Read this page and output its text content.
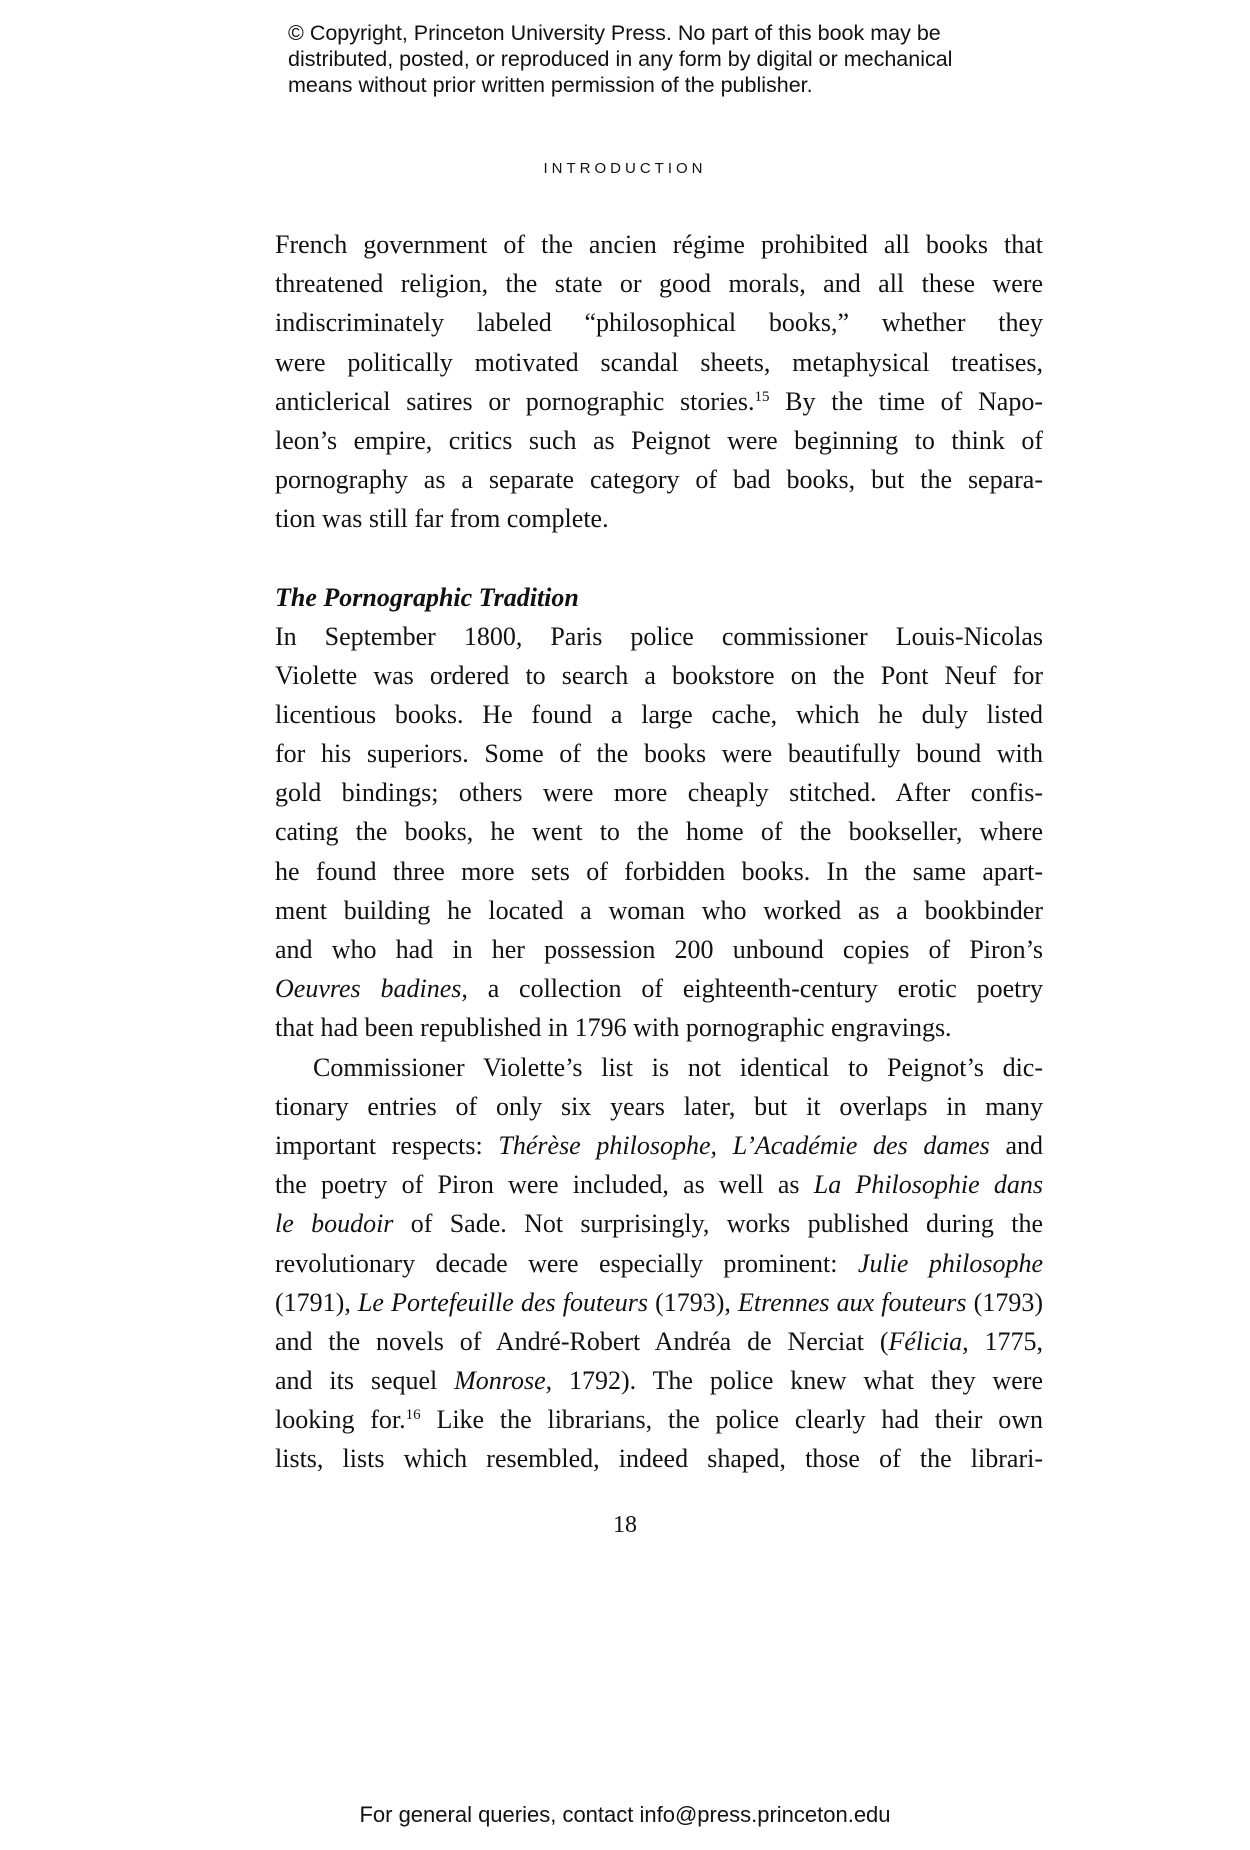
© Copyright, Princeton University Press. No part of this book may be
distributed, posted, or reproduced in any form by digital or mechanical
means without prior written permission of the publisher.
INTRODUCTION
French government of the ancien régime prohibited all books that
threatened religion, the state or good morals, and all these were
indiscriminately labeled “philosophical books,” whether they
were politically motivated scandal sheets, metaphysical treatises,
anticlerical satires or pornographic stories.$^{15}$ By the time of Napo-
leon’s empire, critics such as Peignot were beginning to think of
pornography as a separate category of bad books, but the separa-
tion was still far from complete.
The Pornographic Tradition
In September 1800, Paris police commissioner Louis-Nicolas
Violette was ordered to search a bookstore on the Pont Neuf for
licentious books. He found a large cache, which he duly listed
for his superiors. Some of the books were beautifully bound with
gold bindings; others were more cheaply stitched. After confis-
cating the books, he went to the home of the bookseller, where
he found three more sets of forbidden books. In the same apart-
ment building he located a woman who worked as a bookbinder
and who had in her possession 200 unbound copies of Piron’s
Oeuvres badines, a collection of eighteenth-century erotic poetry
that had been republished in 1796 with pornographic engravings.
Commissioner Violette’s list is not identical to Peignot’s dic-
tionary entries of only six years later, but it overlaps in many
important respects: Thérèse philosophe, L’Académie des dames and
the poetry of Piron were included, as well as La Philosophie dans
le boudoir of Sade. Not surprisingly, works published during the
revolutionary decade were especially prominent: Julie philosophe
(1791), Le Portefeuille des fouteurs (1793), Etrennes aux fouteurs (1793)
and the novels of André-Robert Andréa de Nerciat (Félicia, 1775,
and its sequel Monrose, 1792). The police knew what they were
looking for.$^{16}$ Like the librarians, the police clearly had their own
lists, lists which resembled, indeed shaped, those of the librari-
18
For general queries, contact info@press.princeton.edu
